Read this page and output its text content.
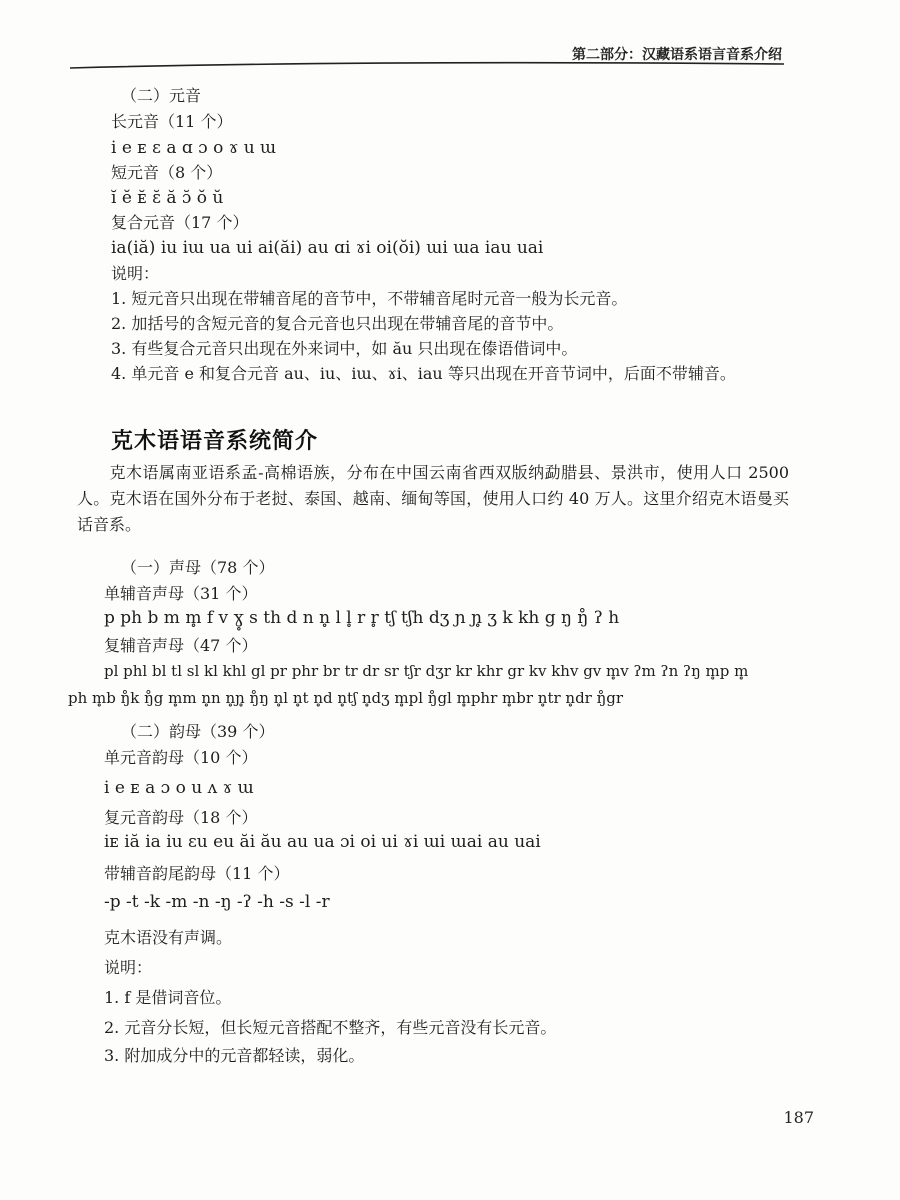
第二部分：汉藏语系语言音系介绍
（二）元音
长元音（11 个）
i e ᴇ ɛ a ɑ ɔ o ɤ u ɯ
短元音（8 个）
ĭ ĕ ᴇ̆ ɛ̆ ă ɔ̆ ŏ ŭ
复合元音（17 个）
ia(iă) iu iɯ ua ui ai(ăi) au ɑi ɤi oi(ŏi) ɯi ɯa iau uai
说明：
1. 短元音只出现在带辅音尾的音节中，不带辅音尾时元音一般为长元音。
2. 加括号的含短元音的复合元音也只出现在带辅音尾的音节中。
3. 有些复合元音只出现在外来词中，如 ău 只出现在傣语借词中。
4. 单元音 e 和复合元音 au、iu、iɯ、ɤi、iau 等只出现在开音节词中，后面不带辅音。
克木语语音系统简介
克木语属南亚语系孟-高棉语族，分布在中国云南省西双版纳勐腊县、景洪市，使用人口 2500 人。克木语在国外分布于老挝、泰国、越南、缅甸等国，使用人口约 40 万人。这里介绍克木语曼买话音系。
（一）声母（78 个）
单辅音声母（31 个）
p ph b m m̥ f v ɣ̥ s th d n n̥ l l̥ r r̥ tʃ tʃh dʒ ɲ ɲ̥ ʒ k kh g ŋ ŋ̊ ʔ h
复辅音声母（47 个）
pl phl bl tl sl kl khl gl pr phr br tr dr sr tʃr dʒr kr khr gr kv khv gv m̥v ʔm ʔn ʔŋ m̥p m̥
ph m̥b ŋ̊k ŋ̊g m̥m n̥n n̥ɲ̥ ŋ̊ŋ n̥l n̥t n̥d n̥tʃ n̥dʒ m̥pl ŋ̊gl m̥phr m̥br n̥tr n̥dr ŋ̊gr
（二）韵母（39 个）
单元音韵母（10 个）
i e ᴇ a ɔ o u ʌ ɤ ɯ
复元音韵母（18 个）
iᴇ iă ia iu ɛu eu ăi ău au ua ɔi oi ui ɤi ɯi ɯai au uai
带辅音韵尾韵母（11 个）
-p -t -k -m -n -ŋ -ʔ -h -s -l -r
克木语没有声调。
说明：
1. f 是借词音位。
2. 元音分长短，但长短元音搭配不整齐，有些元音没有长元音。
3. 附加成分中的元音都轻读，弱化。
187
